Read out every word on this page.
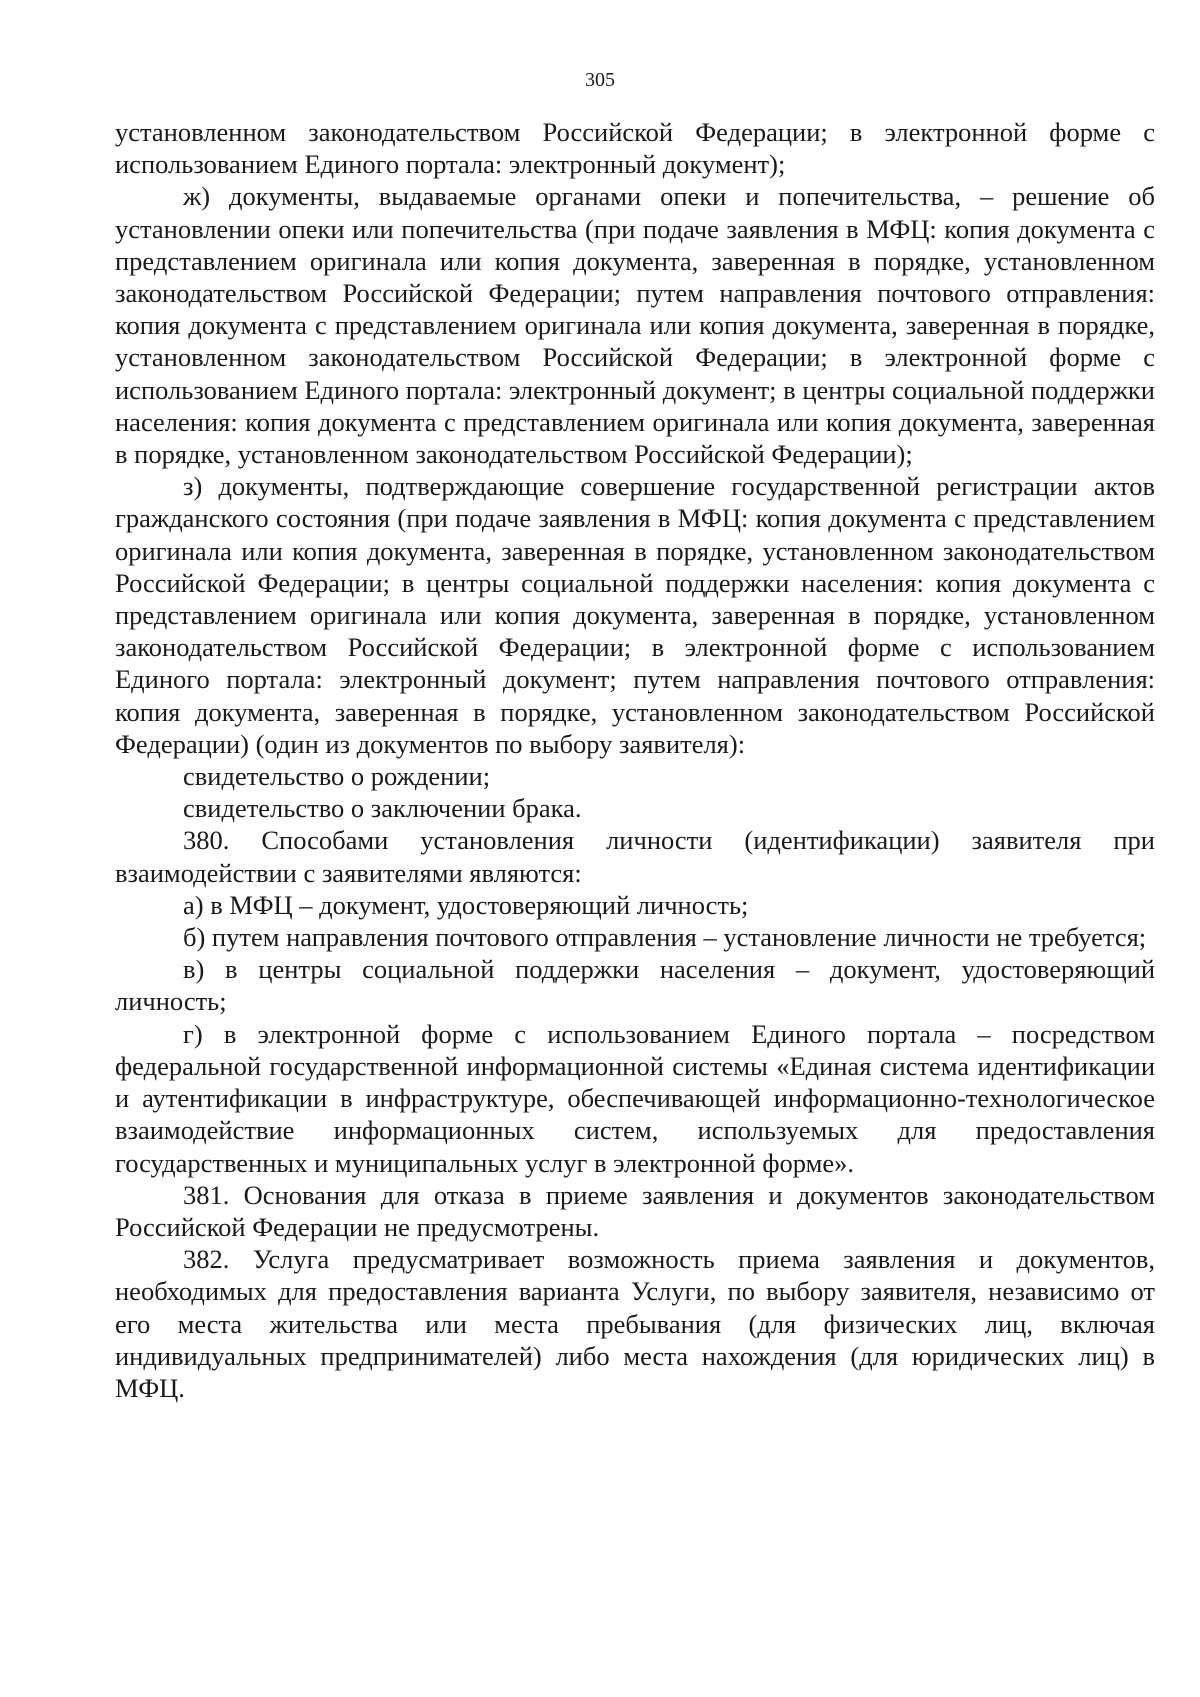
305

установленном законодательством Российской Федерации; в электронной форме с использованием Единого портала: электронный документ);

ж) документы, выдаваемые органами опеки и попечительства, – решение об установлении опеки или попечительства (при подаче заявления в МФЦ: копия документа с представлением оригинала или копия документа, заверенная в порядке, установленном законодательством Российской Федерации; путем направления почтового отправления: копия документа с представлением оригинала или копия документа, заверенная в порядке, установленном законодательством Российской Федерации; в электронной форме с использованием Единого портала: электронный документ; в центры социальной поддержки населения: копия документа с представлением оригинала или копия документа, заверенная в порядке, установленном законодательством Российской Федерации);

з) документы, подтверждающие совершение государственной регистрации актов гражданского состояния (при подаче заявления в МФЦ: копия документа с представлением оригинала или копия документа, заверенная в порядке, установленном законодательством Российской Федерации; в центры социальной поддержки населения: копия документа с представлением оригинала или копия документа, заверенная в порядке, установленном законодательством Российской Федерации; в электронной форме с использованием Единого портала: электронный документ; путем направления почтового отправления: копия документа, заверенная в порядке, установленном законодательством Российской Федерации) (один из документов по выбору заявителя):

свидетельство о рождении;

свидетельство о заключении брака.

380. Способами установления личности (идентификации) заявителя при взаимодействии с заявителями являются:

а) в МФЦ – документ, удостоверяющий личность;

б) путем направления почтового отправления – установление личности не требуется;

в) в центры социальной поддержки населения – документ, удостоверяющий личность;

г) в электронной форме с использованием Единого портала – посредством федеральной государственной информационной системы «Единая система идентификации и аутентификации в инфраструктуре, обеспечивающей информационно-технологическое взаимодействие информационных систем, используемых для предоставления государственных и муниципальных услуг в электронной форме».

381. Основания для отказа в приеме заявления и документов законодательством Российской Федерации не предусмотрены.

382. Услуга предусматривает возможность приема заявления и документов, необходимых для предоставления варианта Услуги, по выбору заявителя, независимо от его места жительства или места пребывания (для физических лиц, включая индивидуальных предпринимателей) либо места нахождения (для юридических лиц) в МФЦ.
